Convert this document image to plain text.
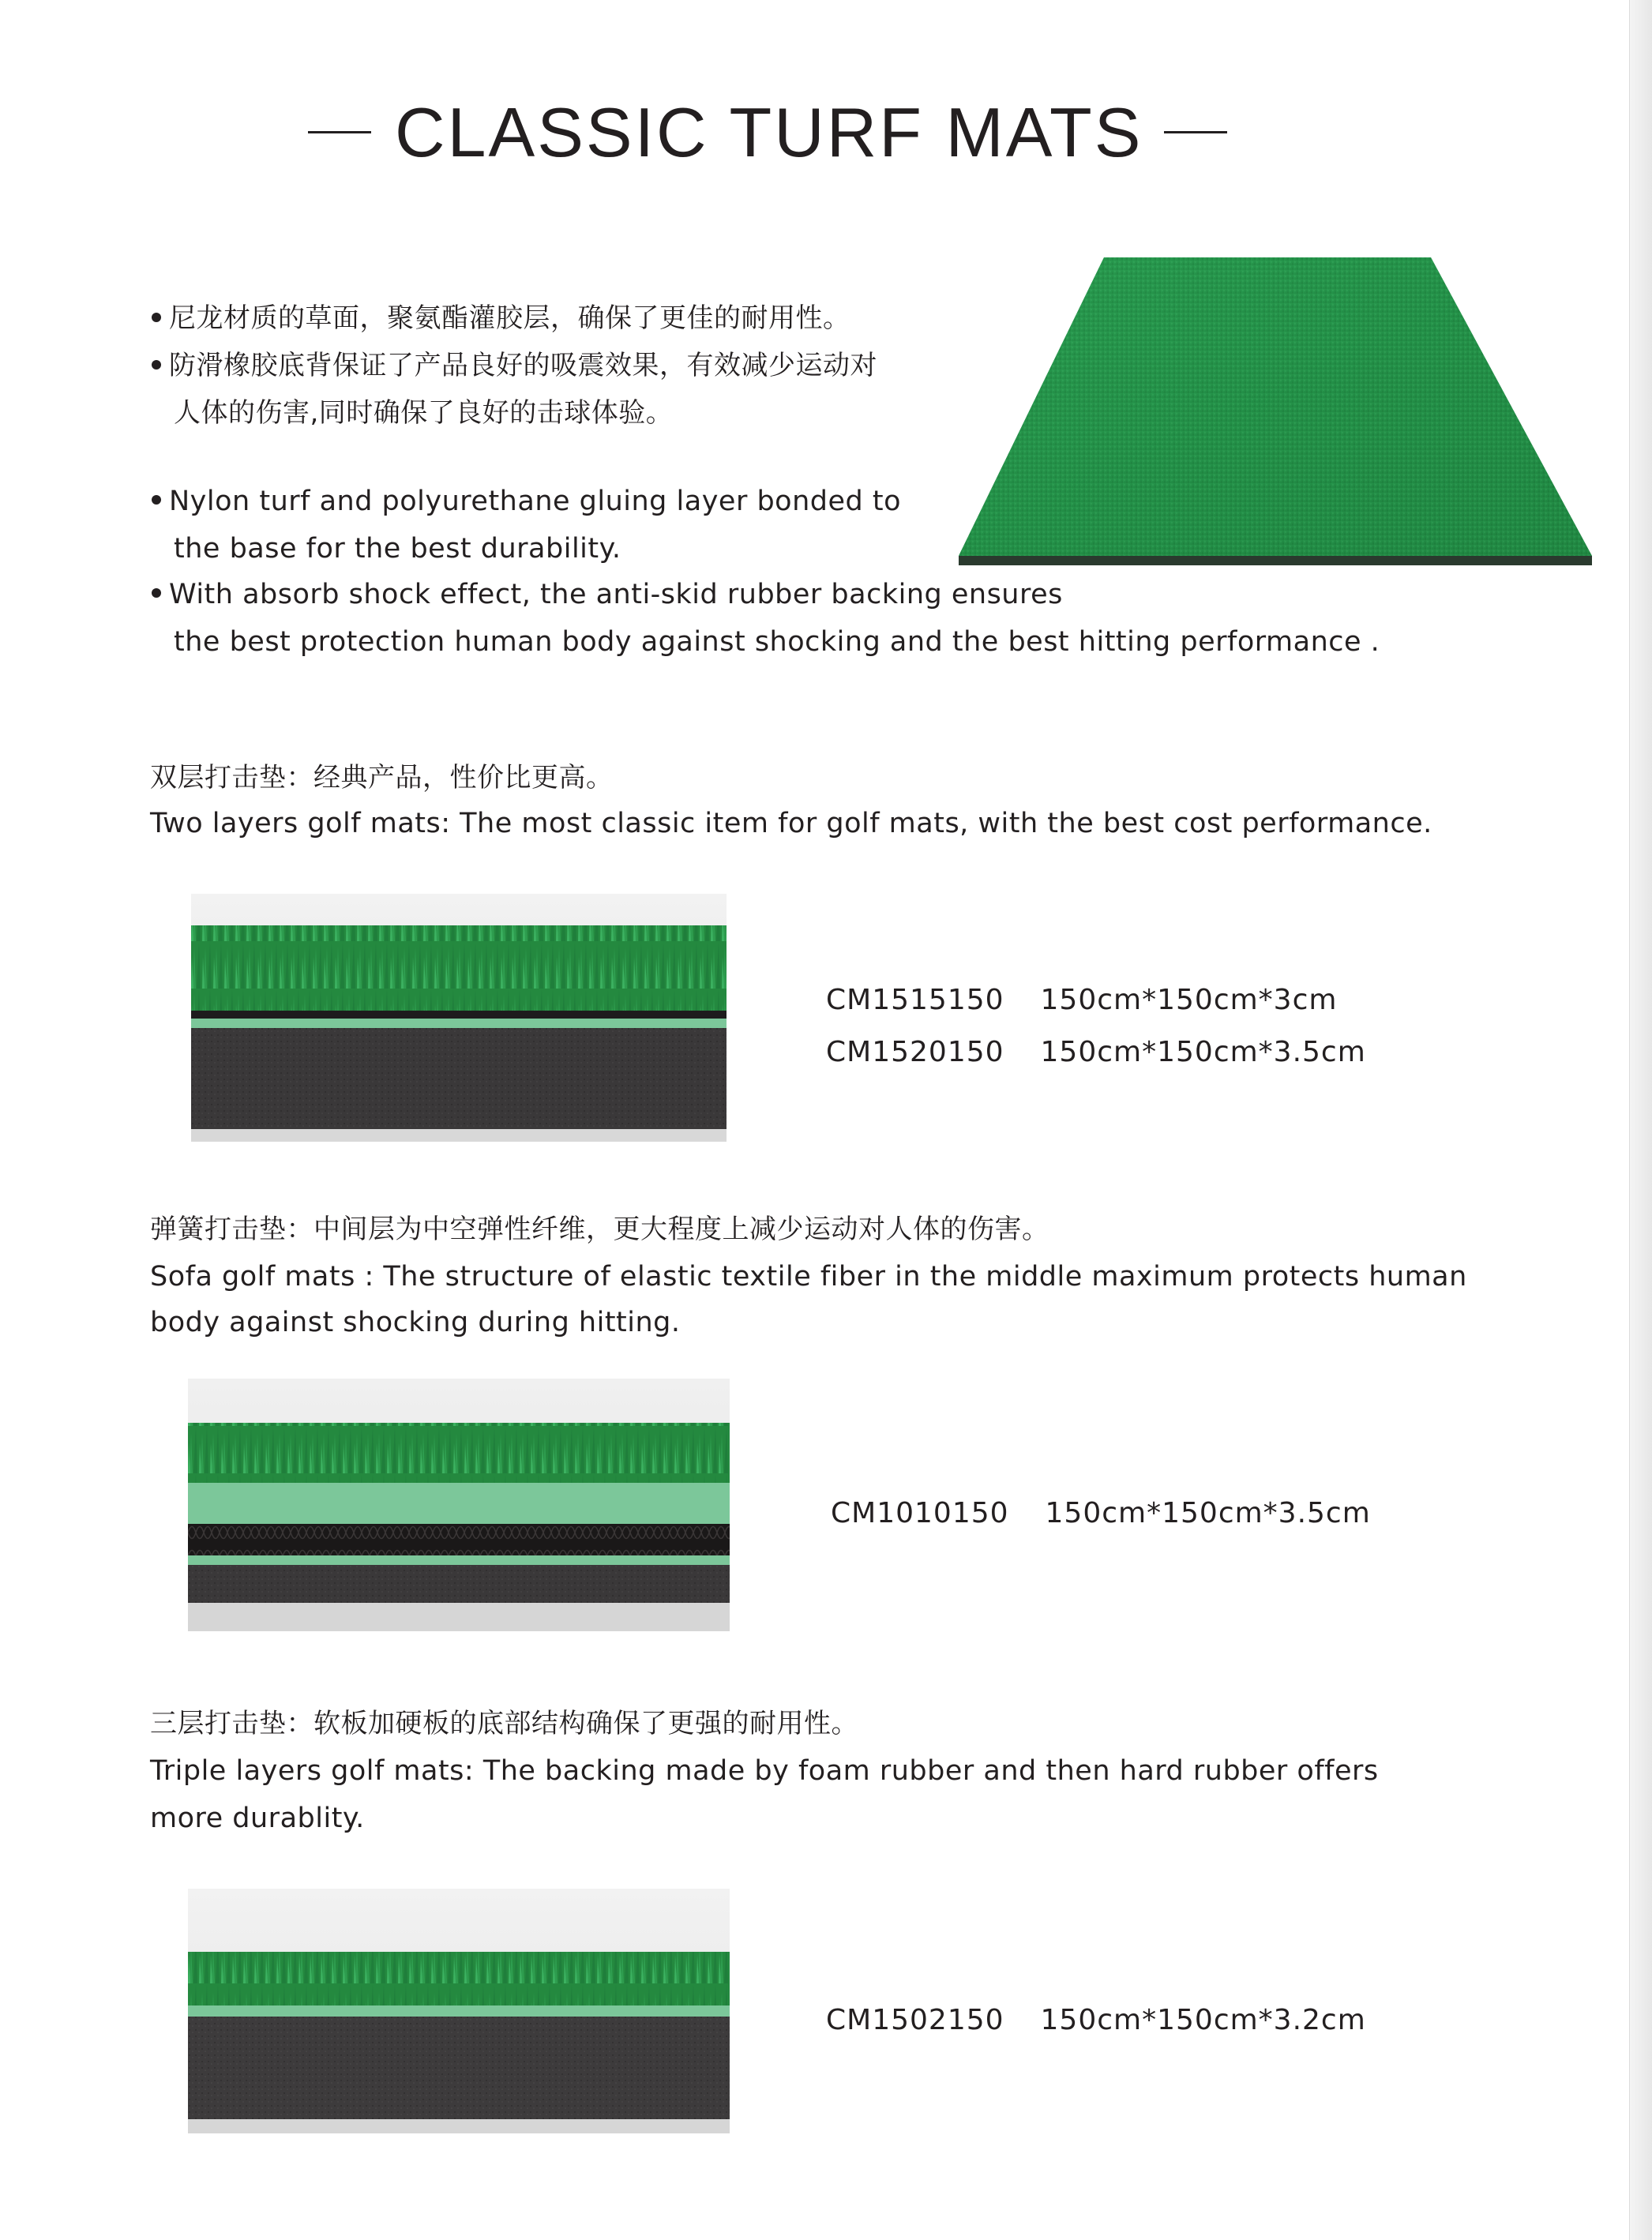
CLASSIC TURF MATS
尼龙材质的草面，聚氨酯灌胶层，确保了更佳的耐用性。
防滑橡胶底背保证了产品良好的吸震效果，有效减少运动对
人体的伤害,同时确保了良好的击球体验。
Nylon turf and polyurethane gluing layer bonded to
the base for the best durability.
With absorb shock effect, the anti-skid rubber backing ensures
the best protection human body against shocking and the best hitting performance .
双层打击垫：经典产品，性价比更高。
Two layers golf mats: The most classic item for golf mats, with the best cost performance.
CM1515150 150cm*150cm*3cm
CM1520150 150cm*150cm*3.5cm
弹簧打击垫：中间层为中空弹性纤维，更大程度上减少运动对人体的伤害。
Sofa golf mats : The structure of elastic textile fiber in the middle maximum protects human
body against shocking during hitting.
CM1010150 150cm*150cm*3.5cm
三层打击垫：软板加硬板的底部结构确保了更强的耐用性。
Triple layers golf mats: The backing made by foam rubber and then hard rubber offers
more durablity.
CM1502150 150cm*150cm*3.2cm
